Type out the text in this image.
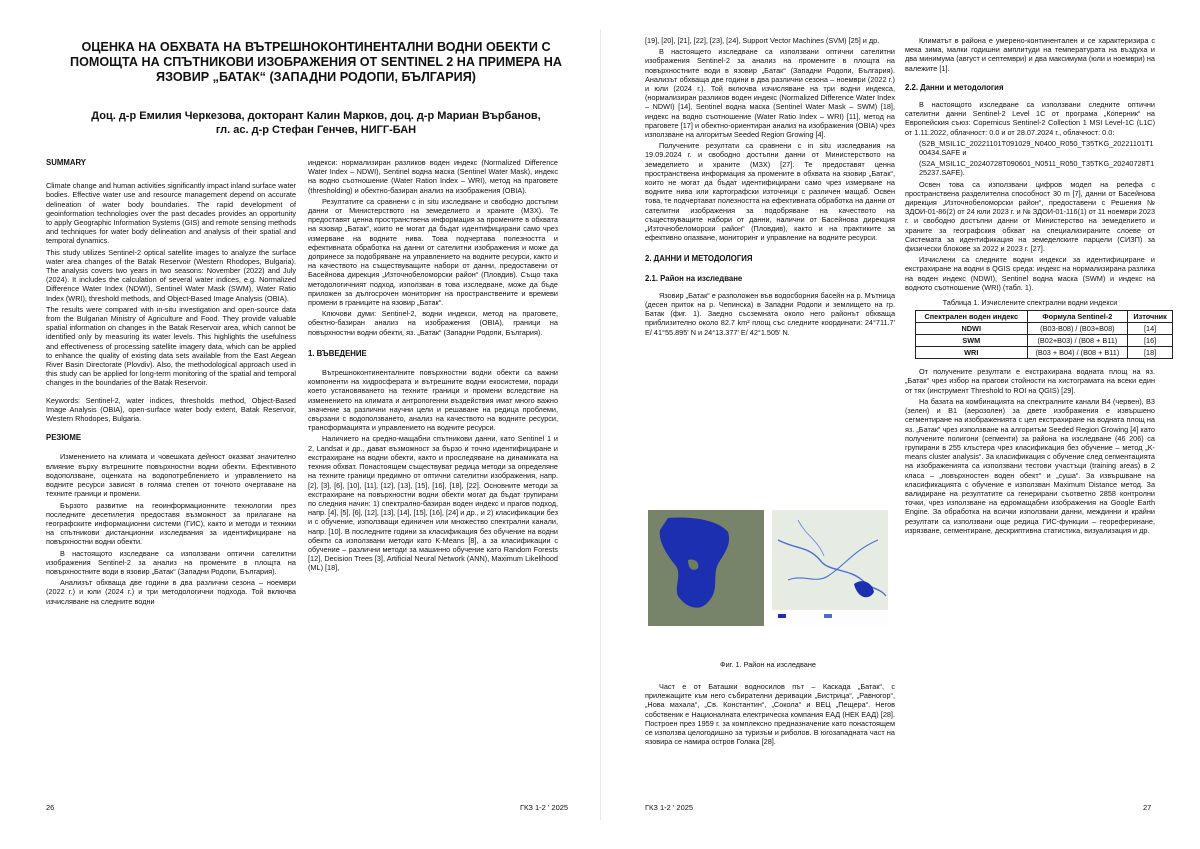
ОЦЕНКА НА ОБХВАТА НА ВЪТРЕШНОКОНТИНЕНТАЛНИ ВОДНИ ОБЕКТИ С ПОМОЩТА НА СПЪТНИКОВИ ИЗОБРАЖЕНИЯ ОТ SENTINEL 2 НА ПРИМЕРА НА ЯЗОВИР „БАТАК“ (ЗАПАДНИ РОДОПИ, БЪЛГАРИЯ)
Доц. д-р Емилия Черкезова, докторант Калин Марков, доц. д-р Мариан Върбанов,
гл. ас. д-р Стефан Генчев, НИГГ-БАН
SUMMARY

Climate change and human activities significantly impact inland surface water bodies. Effective water use and resource management depend on accurate delineation of water body boundaries. The rapid development of geoinformation technologies over the past decades provides an opportunity to apply Geographic Information Systems (GIS) and remote sensing methods and techniques for water body delineation and analysis of their spatial and temporal dynamics.

This study utilizes Sentinel-2 optical satellite images to analyze the surface water area changes of the Batak Reservoir (Western Rhodopes, Bulgaria). The analysis covers two years in two seasons: November (2022) and July (2024). It includes the calculation of several water indices, e.g. Normalized Difference Water Index (NDWI), Sentinel Water Mask (SWM), Water Ratio Index (WRI), threshold methods, and Object-Based Image Analysis (OBIA).

The results were compared with in-situ investigation and open-source data from the Bulgarian Ministry of Agriculture and Food. They provide valuable spatial information on changes in the Batak Reservoir area, which cannot be identified only by measuring its water levels. This highlights the usefulness and effectiveness of processing satellite imagery data, which can be applied to enhance the quality of existing data sets available from the East Aegean River Basin Directorate (Plovdiv). Also, the methodological approach used in this study can be applied for long-term monitoring of the spatial and temporal changes in the boundaries of the Batak Reservoir.

Keywords: Sentinel-2, water indices, thresholds method, Object-Based Image Analysis (OBIA), open-surface water body extent, Batak Reservoir, Western Rhodopes, Bulgaria.

РЕЗЮМЕ

Изменението на климата и човешката дейност оказват значително влияние върху вътрешните повърхностни водни обекти. Ефективното водоползване, оценката на водопотреблението и управлението на водните ресурси зависят в голяма степен от точното очертаване на техните граници и промени.

Бързото развитие на геоинформационните технологии през последните десетилетия предоставя възможност за прилагане на географските информационни системи (ГИС), както и методи и техники на спътникови дистанционни изследвания за идентифициране на повърхностни водни обекти.

В настоящото изследване са използвани оптични сателитни изображения Sentinel-2 за анализ на промените в площта на повърхностните води в язовир „Батак“ (Западни Родопи, България).

Анализът обхваща две години в два различни сезона – ноември (2022 г.) и юли (2024 г.) и три методологични подхода. Той включва изчисляване на следните водни

индекси: нормализиран разликов воден индекс (Normalized Difference Water Index – NDWI), Sentinel водна маска (Sentinel Water Mask), индекс на водно съотношение (Water Ration Index – WRI), метод на праговете (thresholding) и обектно-базиран анализ на изображения (OBIA).

Резултатите са сравнени с in situ изследване и свободно достъпни данни от Министерството на земеделието и храните (МЗХ). Те предоставят ценна пространствена информация за промените в обхвата на язовир „Батак“, които не могат да бъдат идентифицирани само чрез измерване на водните нива. Това подчертава полезността и ефективната обработка на данни от сателитни изображения и може да допринесе за подобряване на управлението на водните ресурси, както и на качеството на съществуващите набори от данни, предоставени от Басейнова дирекция „Източнобеломорски район“ (Пловдив). Също така методологичният подход, използван в това изследване, може да бъде приложен за дългосрочен мониторинг на пространствените и времеви промени в границите на язовир „Батак“.

Ключови думи: Sentinel-2, водни индекси, метод на праговете, обектно-базиран анализ на изображения (OBIA), граници на повърхностни водни обекти, яз. „Батак“ (Западни Родопи, България).

1. ВЪВЕДЕНИЕ

Вътрешноконтиненталните повърхностни водни обекти са важни компоненти на хидросферата и вътрешните водни екосистеми, поради което установяването на техните граници и промени вследствие на изменението на климата и антропогенни въздействия имат много важно значение за различни научни цели и решаване на редица проблеми, свързани с водоползването, анализ на качеството на водните ресурси, трансформацията и управлението на водните ресурси.

Наличието на средно-мащабни спътникови данни, като Sentinel 1 и 2, Landsat и др., дават възможност за бързо и точно идентифициране и екстрахиране на водни обекти, както и проследяване на динамиката на техния обхват. Понастоящем съществуват редица методи за определяне на техните граници предимно от оптични сателитни изображения, напр. [2], [3], [6], [10], [11], [12], [13], [15], [16], [18], [22]. Основните методи за екстрахиране на повърхностни водни обекти могат да бъдат групирани по следния начин: 1) спектрално-базиран воден индекс и прагов подход, напр. [4], [5], [6], [12], [13], [14], [15], [16], [24] и др., и 2) класификации без и с обучение, използващи единичен или множество спектрални канали, напр. [10]. В последните години за класификация без обучение на водни обекти са използвани методи като K-Means [8], а за класификации с обучение – различни методи за машинно обучение като Random Forests [12], Decision Trees [3], Artificial Neural Network (ANN), Maximum Likelihood (ML) [18],

[19], [20], [21], [22], [23], [24], Support Vector Machines (SVM) [25] и др.

В настоящето изследване са използвани оптични сателитни изображения Sentinel-2 за анализ на промените в площта на повърхностните води в язовир „Батак“ (Западни Родопи, България). Анализът обхваща две години в два различни сезона – ноември (2022 г.) и юли (2024 г.). Той включва изчисляване на три водни индекса, (нормализиран разликов воден индекс (Normalized Difference Water Index – NDWI) [14], Sentinel водна маска (Sentinel Water Mask – SWM) [18], индекс на водно съотношение (Water Ratio Index – WRI) [11], метод на праговете [17] и обектно-ориентиран анализ на изображения (OBIA) чрез използване на алгоритъм Seeded Region Growing [4].

Получените резултати са сравнени с in situ изследвания на 19.09.2024 г. и свободно достъпни данни от Министерството на земеделието и храните (МЗХ) [27]. Те предоставят ценна пространствена информация за промените в обхвата на язовир „Батак“, които не могат да бъдат идентифицирани само чрез измерване на водните нива или картографски източници с различен мащаб. Освен това, те подчертават полезността на ефективната обработка на данни от сателитни изображения за подобряване на качеството на съществуващите набори от данни, налични от Басейнова дирекция „Източнобеломорски район“ (Пловдив), както и на практиките за ефективно опазване, мониторинг и управление на водните ресурси.

2. ДАННИ И МЕТОДОЛОГИЯ
2.1. Район на изследване

Язовир „Батак“ е разположен във водосборния басейн на р. Мътница (десен приток на р. Чепинска) в Западни Родопи и землището на гр. Батак (фиг. 1). Заедно съсземната около него районът обхваща приблизително около 82.7 km² площ със следните координати: 24°711.7' E/ 41°55.895' N и 24°13.377' E/ 42°1.505' N.

Фиг. 1. Район на изследване

Част е от Баташки водносилов път – Каскада „Батак“, с прилежащите към него събирателни деривации „Бистрица“, „Равногор“, „Нова махала“, „Св. Константин“, „Сокола“ и ВЕЦ „Пещера“. Негов собственик е Националната електрическа компания ЕАД (НЕК ЕАД) [28]. Построен през 1959 г. за комплексно предназначение като понастоящем се използва целогодишно за туризъм и риболов. В югозападната част на язовира се намира остров Голака [28].

Климатът в района е умерено-континентален и се характеризира с мека зима, малки годишни амплитуди на температурата на въздуха и два минимума (август и септември) и два максимума (юли и ноември) на валежите [1].

2.2. Данни и методология

В настоящото изследване са използвани следните оптични сателитни данни Sentinel-2 Level 1C от програма „Коперник“ на Европейския съюз: Copernicus Sentinel-2 Collection 1 MSI Level-1C (L1C) от 1.11.2022, облачност: 0.0 и от 28.07.2024 г., облачност: 0.0:

(S2B_MSIL1C_20221101T091029_N0400_R050_T35TKG_20221101T100434.SAFE и

(S2A_MSIL1C_20240728T090601_N0511_R050_T35TKG_20240728T125237.SAFE).

Освен това са използвани цифров модел на релефа с пространствена разделителна способност 30 m [7], данни от Басейнова дирекция „Източнобеломорски район“, предоставени с Решения № ЗДОИ-01-86(2) от 24 юли 2023 г. и № ЗДОИ-01-116(1) от 11 ноември 2023 г. и свободно достъпни данни от Министерство на земеделието и храните за географския обхват на специализираните слоеве от Системата за идентификация на земеделските парцели (СИЗП) за физически блокове за 2022 и 2023 г. [27].

Изчислени са следните водни индекси за идентифициране и екстрахиране на водни в QGIS среда: индекс на нормализирана разлика на воден индекс (NDWI), Sentinel водна маска (SWM) и индекс на водното съотношение (WRI) (табл. 1).

Таблица 1. Изчислените спектрални водни индекси

Спектрален воден индекс	Формула Sentinel-2	Източник
NDWI	(B03-B08) / (B03+B08)	[14]
SWM	(B02+B03) / (B08 + B11)	[16]
WRI	(B03 + B04) / (B08 + B11)	[18]

От получените резултати е екстрахирана водната площ на яз. „Батак“ чрез избор на прагови стойности на хистограмата на всеки един от тях (инструмент Threshold to ROI на QGIS) [29].

На базата на комбинацията на спектралните канали B4 (червен), B3 (зелен) и B1 (аерозолен) за двете изображения е извършено сегментиране на изображенията с цел екстрахиране на водната площ на яз. „Батак“ чрез използване на алгоритъм Seeded Region Growing [4] като получените полигони (сегменти) за района на изследване (46 206) са групирани в 255 клъстера чрез класификация без обучение – метод „K-means cluster analysis“. За класификация с обучение след сегментацията на изображенията са използвани тестови участъци (training areas) в 2 класа – „повърхностен воден обект“ и „суша“. За извършване на класификацията с обучение е използван Maximum Distance метод. За валидиране на резултатите са генерирани съответно 2858 контролни точки, чрез използване на едромащабни изображения на Google Earth Engine. За обработка на всички използвани данни, междинни и крайни резултати са използвани още редица ГИС-функции – геореферинане, изрязване, сегментиране, дескриптивна статистика, визуализация и др.

26	ГКЗ 1-2 ' 2025	ГКЗ 1-2 ' 2025	27
